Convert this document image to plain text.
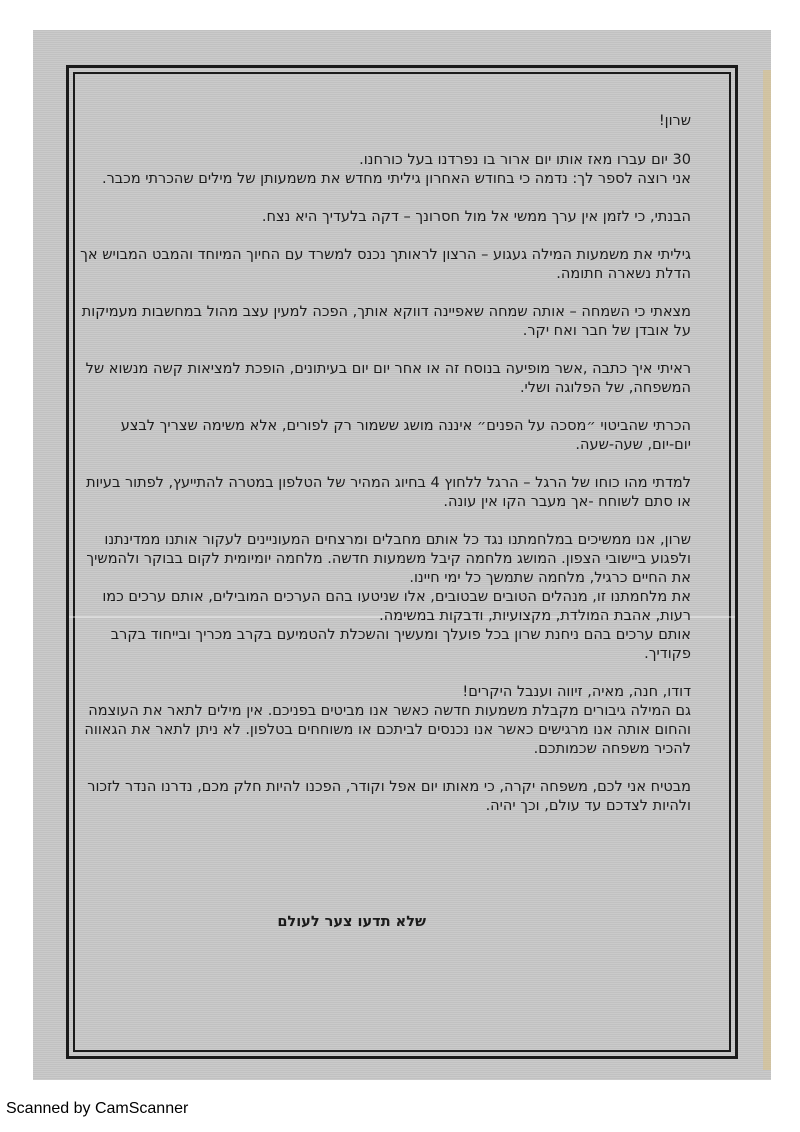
שרון!

30 יום עברו מאז אותו יום ארור בו נפרדנו בעל כורחנו.
אני רוצה לספר לך: נדמה כי בחודש האחרון גיליתי מחדש את משמעותן של מילים שהכרתי מכבר.

הבנתי, כי לזמן אין ערך ממשי אל מול חסרונך – דקה בלעדיך היא נצח.

גיליתי את משמעות המילה געגוע – הרצון לראותך נכנס למשרד עם החיוך המיוחד והמבט המבויש אך הדלת נשארה חתומה.

מצאתי כי השמחה – אותה שמחה שאפיינה דווקא אותך, הפכה למעין עצב מהול במחשבות מעמיקות על אובדן של חבר ואח יקר.

ראיתי איך כתבה ,אשר מופיעה בנוסח זה או אחר יום יום בעיתונים, הופכת למציאות קשה מנשוא של המשפחה, של הפלוגה ושלי.

הכרתי שהביטוי ״מסכה על הפנים״ איננה מושג ששמור רק לפורים, אלא משימה שצריך לבצע יום-יום, שעה-שעה.

למדתי מהו כוחו של הרגל – הרגל ללחוץ 4 בחיוג המהיר של הטלפון במטרה להתייעץ, לפתור בעיות או סתם לשוחח -אך מעבר הקו אין עונה.

שרון, אנו ממשיכים במלחמתנו נגד כל אותם מחבלים ומרצחים המעוניינים לעקור אותנו ממדינתנו ולפגוע ביישובי הצפון. המושג מלחמה קיבל משמעות חדשה. מלחמה יומיומית לקום בבוקר ולהמשיך את החיים כרגיל, מלחמה שתמשך כל ימי חיינו.
את מלחמתנו זו, מנהלים הטובים שבטובים, אלו שניטעו בהם הערכים המובילים, אותם ערכים כמו רעות, אהבת המולדת, מקצועיות, ודבקות במשימה.
אותם ערכים בהם ניחנת שרון בכל פועלך ומעשיך והשכלת להטמיעם בקרב מכריך ובייחוד בקרב פקודיך.

דודו, חנה, מאיה, זיווה וענבל היקרים!
גם המילה גיבורים מקבלת משמעות חדשה כאשר אנו מביטים בפניכם. אין מילים לתאר את העוצמה והחום אותה אנו מרגישים כאשר אנו נכנסים לביתכם או משוחחים בטלפון. לא ניתן לתאר את הגאווה להכיר משפחה שכמותכם.

מבטיח אני לכם, משפחה יקרה, כי מאותו יום אפל וקודר, הפכנו להיות חלק מכם, נדרנו הנדר לזכור ולהיות לצדכם עד עולם, וכך יהיה.

שלא תדעו צער לעולם
Scanned by CamScanner
